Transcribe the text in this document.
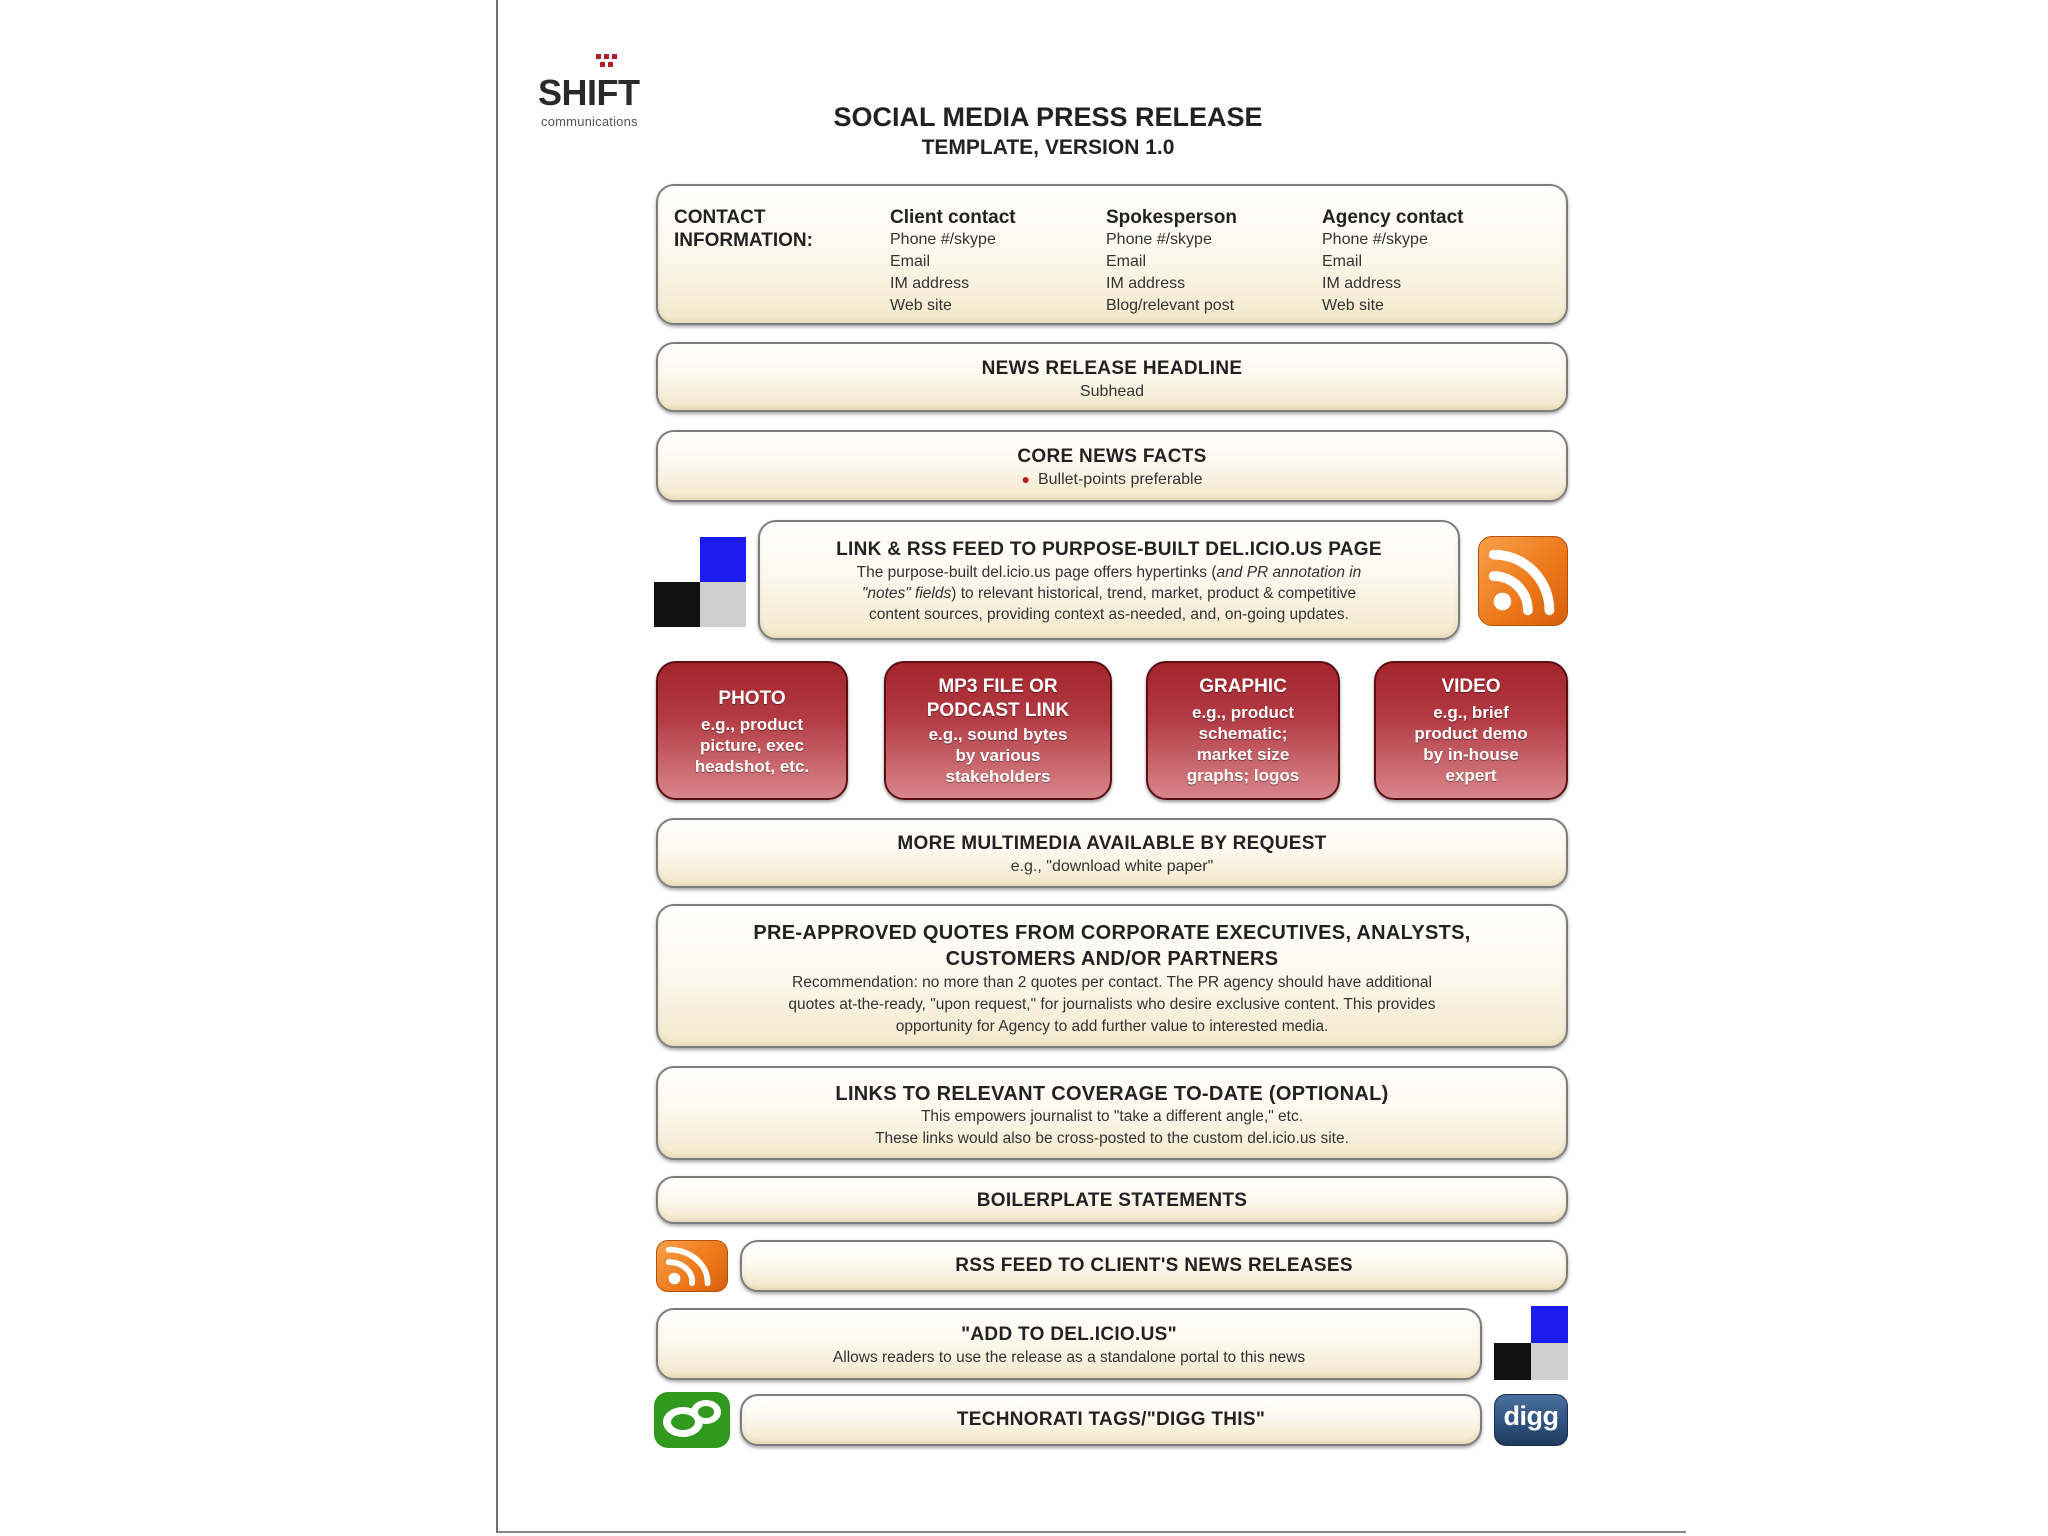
SHIFT
communications	SOCIAL MEDIA PRESS RELEASE
TEMPLATE, VERSION 1.0
CONTACT
INFORMATION:
Client contact
Phone #/skype
Email
IM address
Web site
Spokesperson
Phone #/skype
Email
IM address
Blog/relevant post
Agency contact
Phone #/skype
Email
IM address
Web site
NEWS RELEASE HEADLINE
Subhead
CORE NEWS FACTS
● Bullet-points preferable
LINK & RSS FEED TO PURPOSE-BUILT DEL.ICIO.US PAGE
The purpose-built del.icio.us page offers hypertinks (and PR annotation in
"notes" fields) to relevant historical, trend, market, product & competitive
content sources, providing context as-needed, and, on-going updates.
PHOTO
e.g., product
picture, exec
headshot, etc.
MP3 FILE OR
PODCAST LINK
e.g., sound bytes
by various
stakeholders
GRAPHIC
e.g., product
schematic;
market size
graphs; logos
VIDEO
e.g., brief
product demo
by in-house
expert
MORE MULTIMEDIA AVAILABLE BY REQUEST
e.g., "download white paper"
PRE-APPROVED QUOTES FROM CORPORATE EXECUTIVES, ANALYSTS,
CUSTOMERS AND/OR PARTNERS
Recommendation: no more than 2 quotes per contact. The PR agency should have additional
quotes at-the-ready, "upon request," for journalists who desire exclusive content. This provides
opportunity for Agency to add further value to interested media.
LINKS TO RELEVANT COVERAGE TO-DATE (OPTIONAL)
This empowers journalist to "take a different angle," etc.
These links would also be cross-posted to the custom del.icio.us site.
BOILERPLATE STATEMENTS
RSS FEED TO CLIENT'S NEWS RELEASES
"ADD TO DEL.ICIO.US"
Allows readers to use the release as a standalone portal to this news
TECHNORATI TAGS/"DIGG THIS"	digg
